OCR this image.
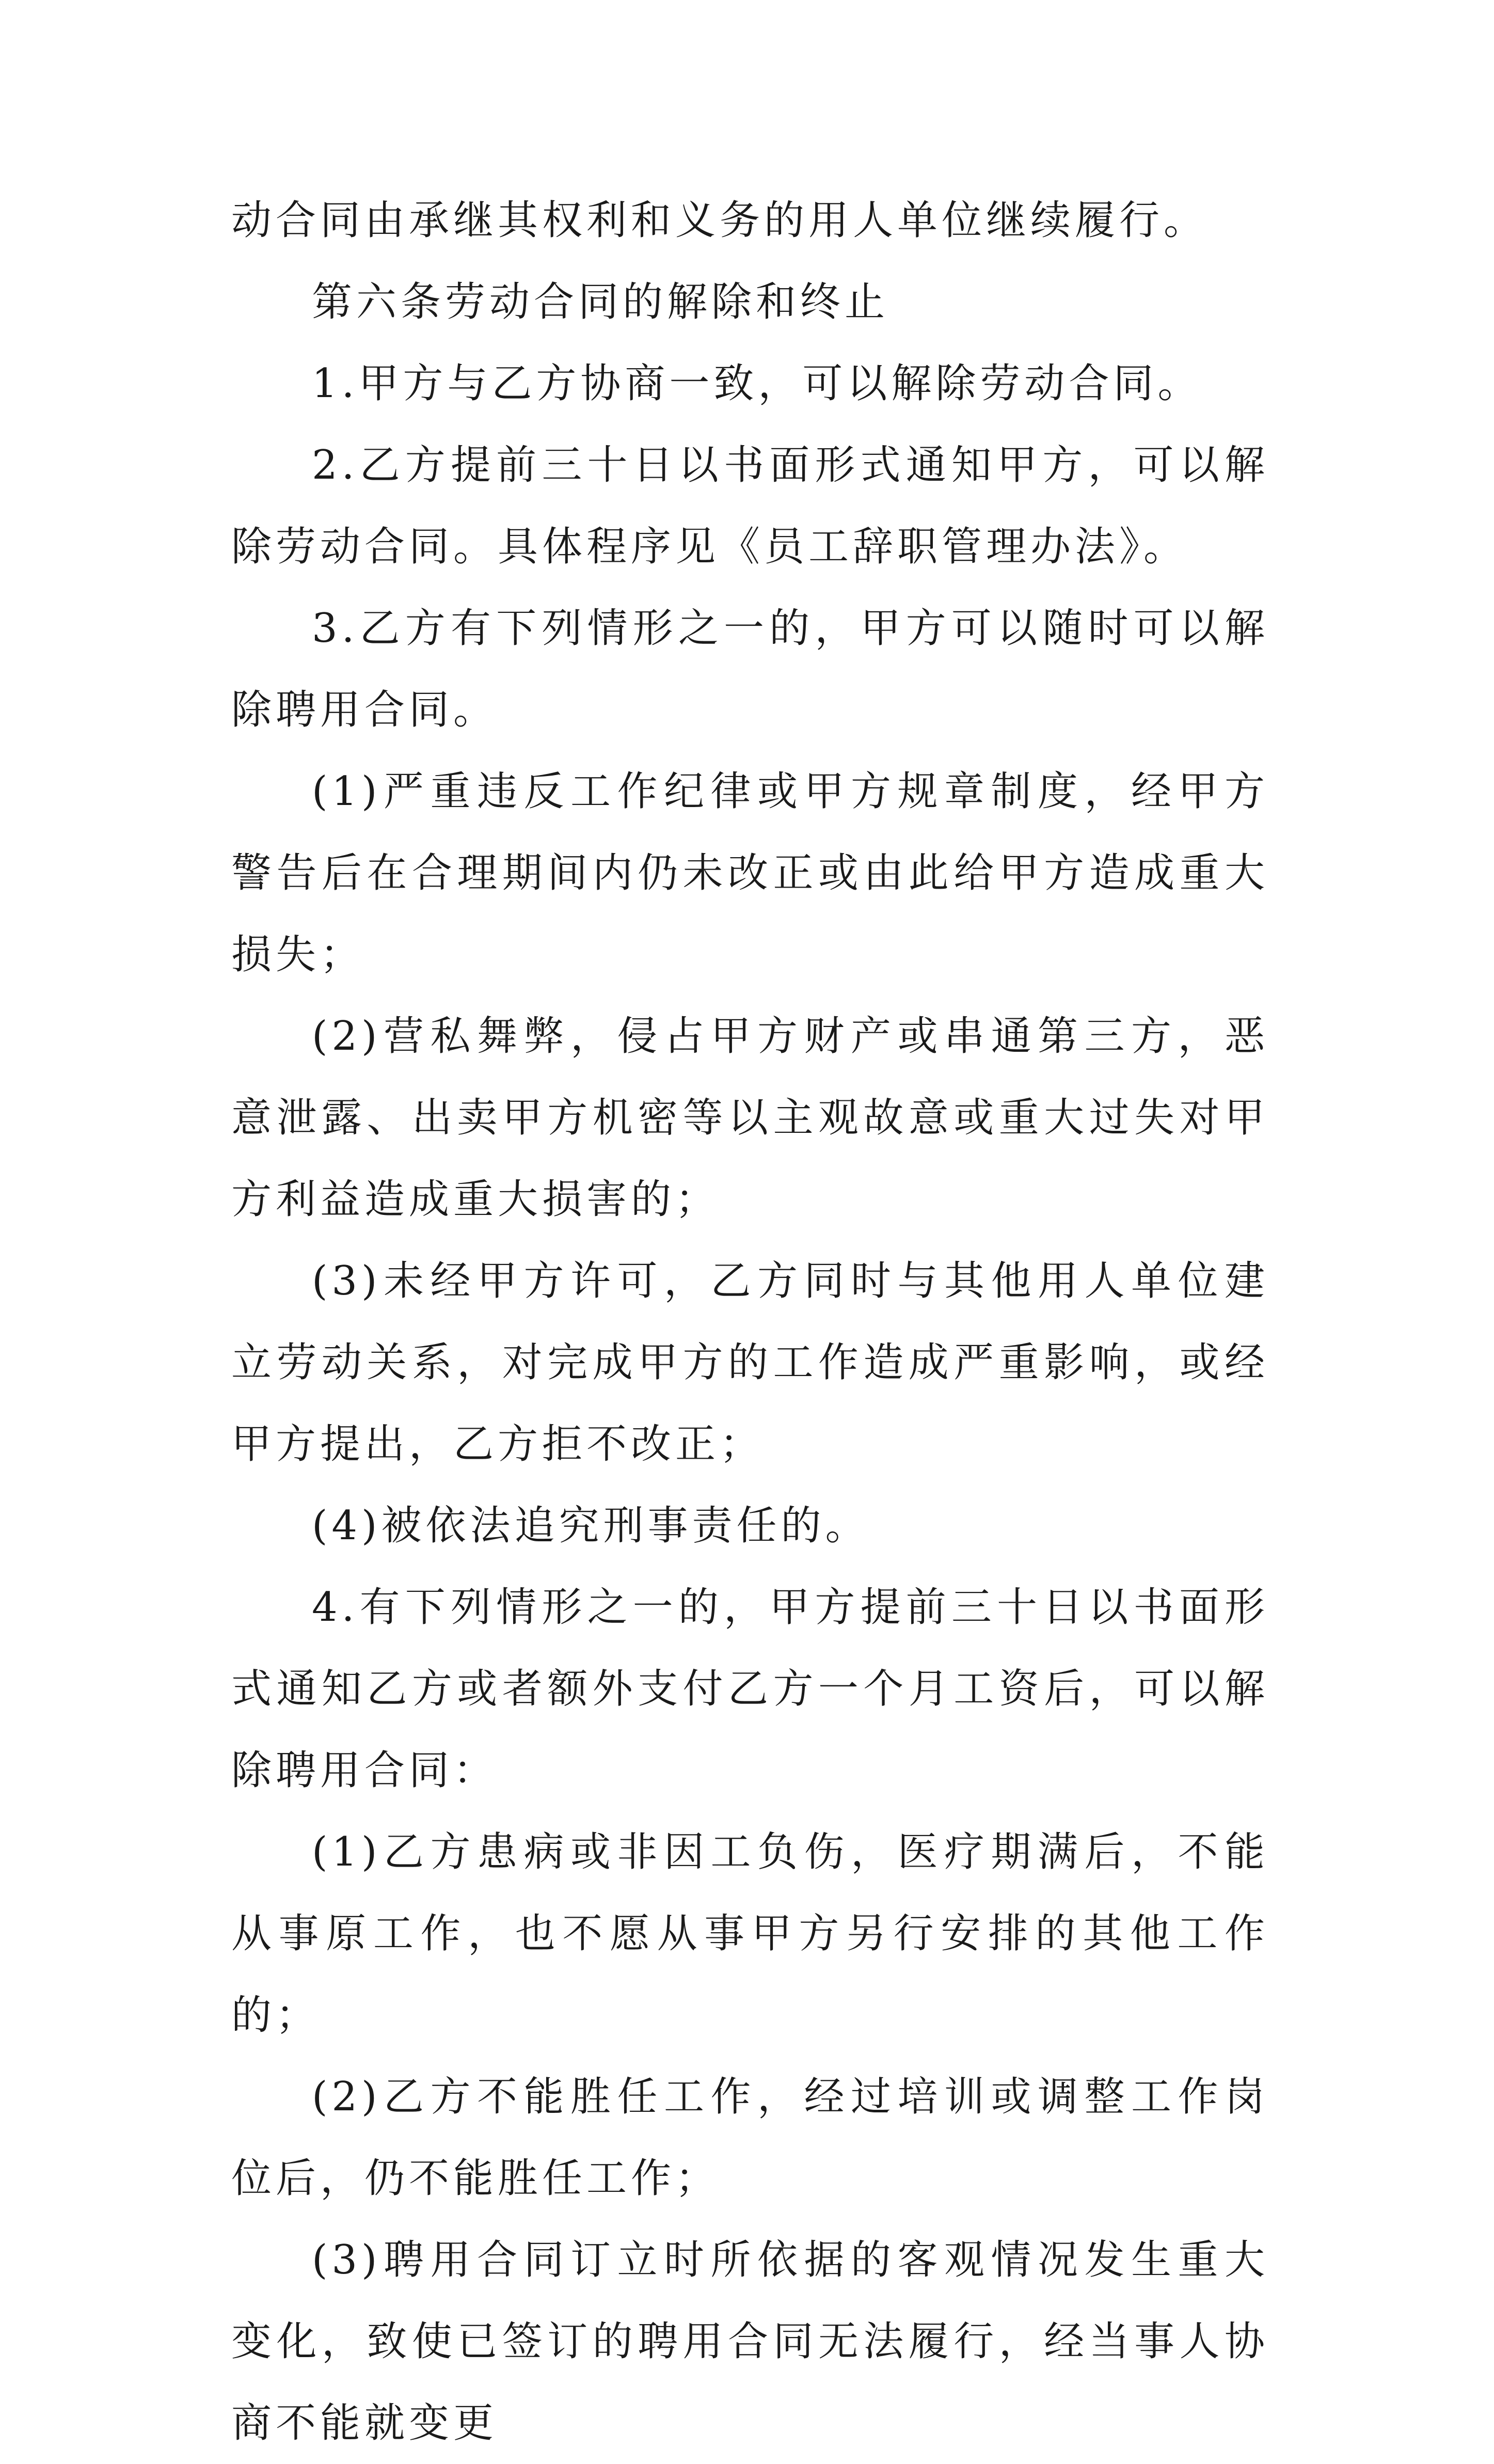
动合同由承继其权利和义务的用人单位继续履行。

第六条劳动合同的解除和终止

1.甲方与乙方协商一致，可以解除劳动合同。

2.乙方提前三十日以书面形式通知甲方，可以解除劳动合同。具体程序见《员工辞职管理办法》。

3.乙方有下列情形之一的，甲方可以随时可以解除聘用合同。

(1)严重违反工作纪律或甲方规章制度，经甲方警告后在合理期间内仍未改正或由此给甲方造成重大损失；

(2)营私舞弊，侵占甲方财产或串通第三方，恶意泄露、出卖甲方机密等以主观故意或重大过失对甲方利益造成重大损害的；

(3)未经甲方许可，乙方同时与其他用人单位建立劳动关系，对完成甲方的工作造成严重影响，或经甲方提出，乙方拒不改正；

(4)被依法追究刑事责任的。

4.有下列情形之一的，甲方提前三十日以书面形式通知乙方或者额外支付乙方一个月工资后，可以解除聘用合同：

(1)乙方患病或非因工负伤，医疗期满后，不能从事原工作，也不愿从事甲方另行安排的其他工作的；

(2)乙方不能胜任工作，经过培训或调整工作岗位后，仍不能胜任工作；

(3)聘用合同订立时所依据的客观情况发生重大变化，致使已签订的聘用合同无法履行，经当事人协商不能就变更
